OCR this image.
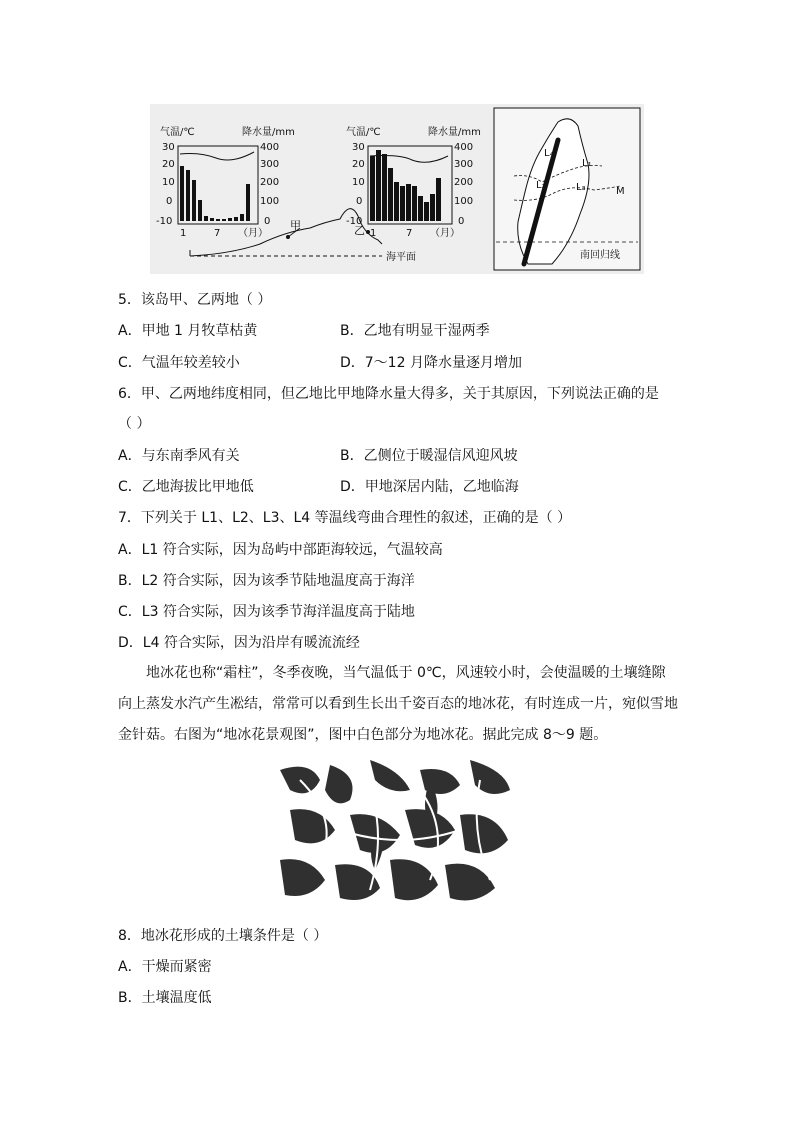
气温/℃	降水量/mm
30
20
10
0
-10
400
300
200
100
0
1	7 （月）
甲	乙
海平面
气温/℃	降水量/mm
30
20
10
0
-10
400
300
200
100
0
1	7 （月）
L₄
L₁
L₂	L₃	M
南回归线
5．该岛甲、乙两地（ ）
A．甲地 1 月牧草枯黄	B．乙地有明显干湿两季
C．气温年较差较小	D．7～12 月降水量逐月增加
6．甲、乙两地纬度相同，但乙地比甲地降水量大得多，关于其原因，下列说法正确的是
（ ）
A．与东南季风有关	B．乙侧位于暖湿信风迎风坡
C．乙地海拔比甲地低	D．甲地深居内陆，乙地临海
7．下列关于 L1、L2、L3、L4 等温线弯曲合理性的叙述，正确的是（ ）
A．L1 符合实际，因为岛屿中部距海较远，气温较高
B．L2 符合实际，因为该季节陆地温度高于海洋
C．L3 符合实际，因为该季节海洋温度高于陆地
D．L4 符合实际，因为沿岸有暖流流经
地冰花也称“霜柱”，冬季夜晚，当气温低于 0℃，风速较小时，会使温暖的土壤缝隙向上蒸发水汽产生凇结，常常可以看到生长出千姿百态的地冰花，有时连成一片，宛似雪地金针菇。右图为“地冰花景观图”，图中白色部分为地冰花。据此完成 8～9 题。
8．地冰花形成的土壤条件是（ ）
A．干燥而紧密
B．土壤温度低
